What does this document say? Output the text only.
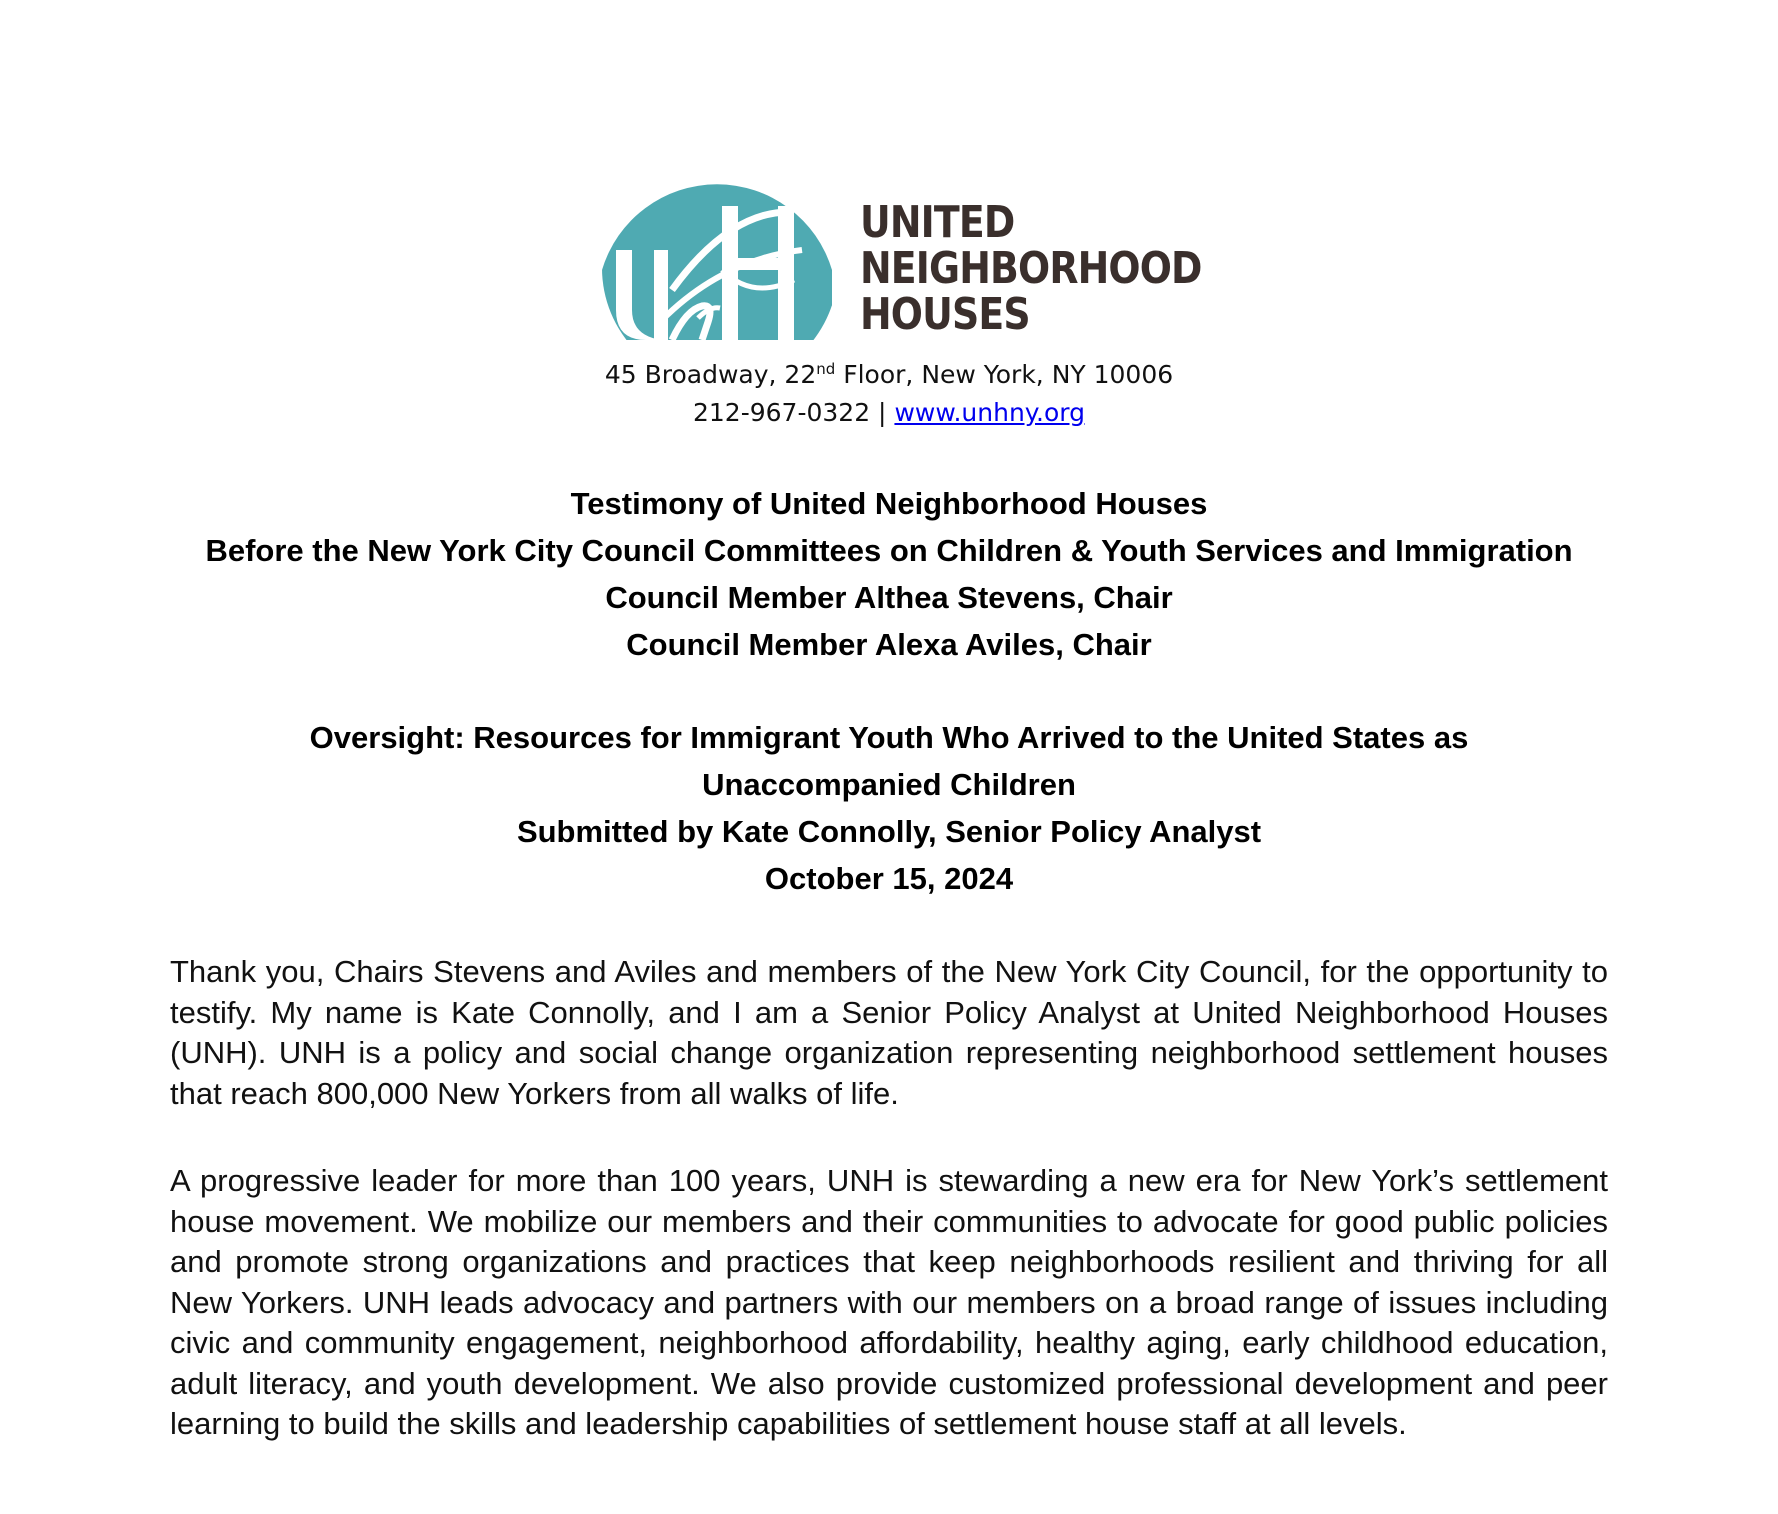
UNITED
NEIGHBORHOOD
HOUSES
45 Broadway, 22nd Floor, New York, NY 10006
212-967-0322 | www.unhny.org
Testimony of United Neighborhood Houses
Before the New York City Council Committees on Children & Youth Services and Immigration
Council Member Althea Stevens, Chair
Council Member Alexa Aviles, Chair
Oversight: Resources for Immigrant Youth Who Arrived to the United States as
Unaccompanied Children
Submitted by Kate Connolly, Senior Policy Analyst
October 15, 2024

Thank you, Chairs Stevens and Aviles and members of the New York City Council, for the opportunity to testify. My name is Kate Connolly, and I am a Senior Policy Analyst at United Neighborhood Houses (UNH). UNH is a policy and social change organization representing neighborhood settlement houses that reach 800,000 New Yorkers from all walks of life.

A progressive leader for more than 100 years, UNH is stewarding a new era for New York’s settlement house movement. We mobilize our members and their communities to advocate for good public policies and promote strong organizations and practices that keep neighborhoods resilient and thriving for all New Yorkers. UNH leads advocacy and partners with our members on a broad range of issues including civic and community engagement, neighborhood affordability, healthy aging, early childhood education, adult literacy, and youth development. We also provide customized professional development and peer learning to build the skills and leadership capabilities of settlement house staff at all levels.
